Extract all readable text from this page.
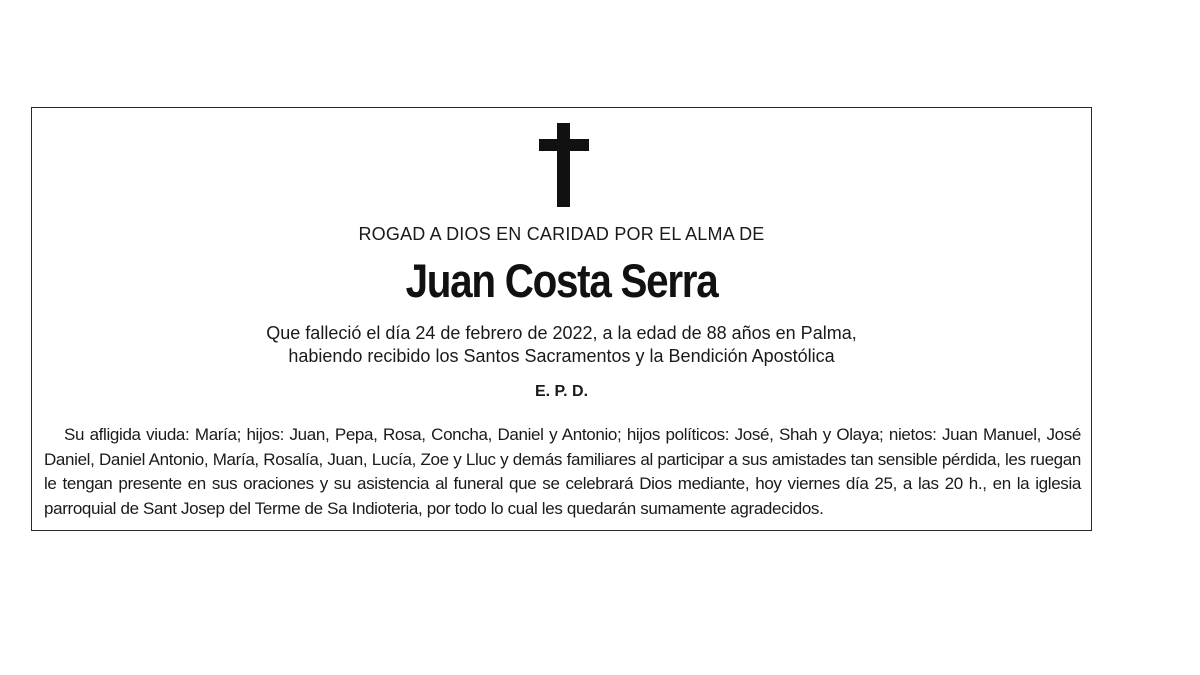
ROGAD A DIOS EN CARIDAD POR EL ALMA DE
Juan Costa Serra
Que falleció el día 24 de febrero de 2022, a la edad de 88 años en Palma,
habiendo recibido los Santos Sacramentos y la Bendición Apostólica
E. P. D.
Su afligida viuda: María; hijos: Juan, Pepa, Rosa, Concha, Daniel y Antonio; hijos políticos: José, Shah y Olaya; nietos: Juan Manuel, José Daniel, Daniel Antonio, María, Rosalía, Juan, Lucía, Zoe y Lluc y demás familiares al participar a sus amistades tan sensible pérdida, les ruegan le tengan presente en sus oraciones y su asistencia al funeral que se celebrará Dios mediante, hoy viernes día 25, a las 20 h., en la iglesia parroquial de Sant Josep del Terme de Sa Indioteria, por todo lo cual les quedarán sumamente agradecidos.
